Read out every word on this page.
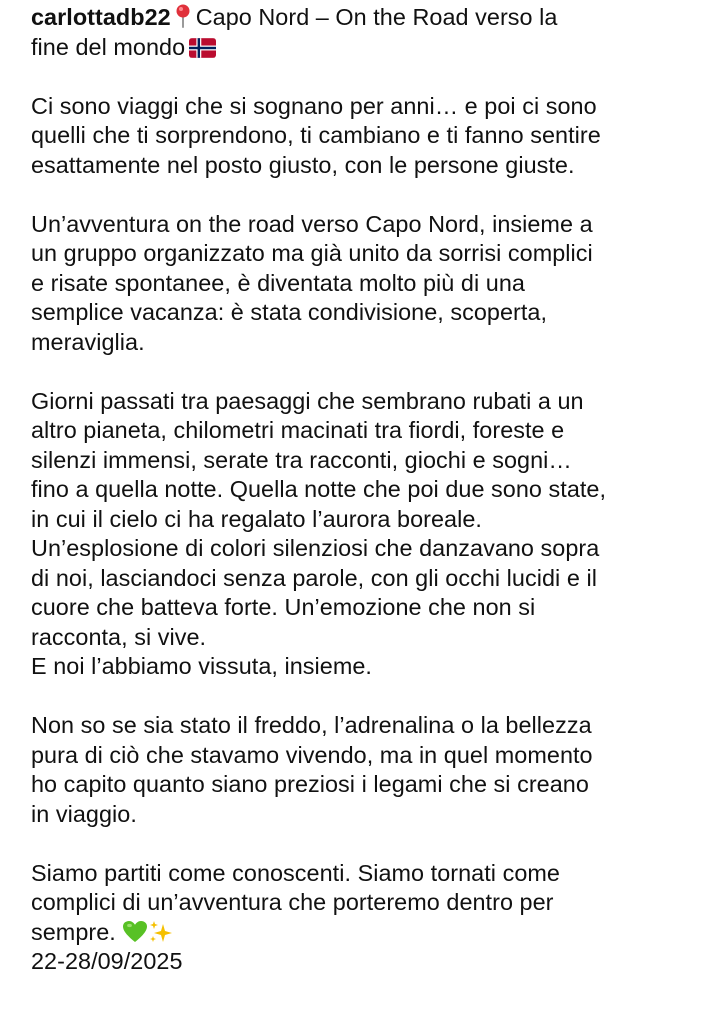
carlottadb22 Capo Nord – On the Road verso la
fine del mondo

Ci sono viaggi che si sognano per anni… e poi ci sono
quelli che ti sorprendono, ti cambiano e ti fanno sentire
esattamente nel posto giusto, con le persone giuste.

Un’avventura on the road verso Capo Nord, insieme a
un gruppo organizzato ma già unito da sorrisi complici
e risate spontanee, è diventata molto più di una
semplice vacanza: è stata condivisione, scoperta,
meraviglia.

Giorni passati tra paesaggi che sembrano rubati a un
altro pianeta, chilometri macinati tra fiordi, foreste e
silenzi immensi, serate tra racconti, giochi e sogni…
fino a quella notte. Quella notte che poi due sono state,
in cui il cielo ci ha regalato l’aurora boreale.
Un’esplosione di colori silenziosi che danzavano sopra
di noi, lasciandoci senza parole, con gli occhi lucidi e il
cuore che batteva forte. Un’emozione che non si
racconta, si vive.
E noi l’abbiamo vissuta, insieme.

Non so se sia stato il freddo, l’adrenalina o la bellezza
pura di ciò che stavamo vivendo, ma in quel momento
ho capito quanto siano preziosi i legami che si creano
in viaggio.

Siamo partiti come conoscenti. Siamo tornati come
complici di un’avventura che porteremo dentro per
sempre.

22-28/09/2025
